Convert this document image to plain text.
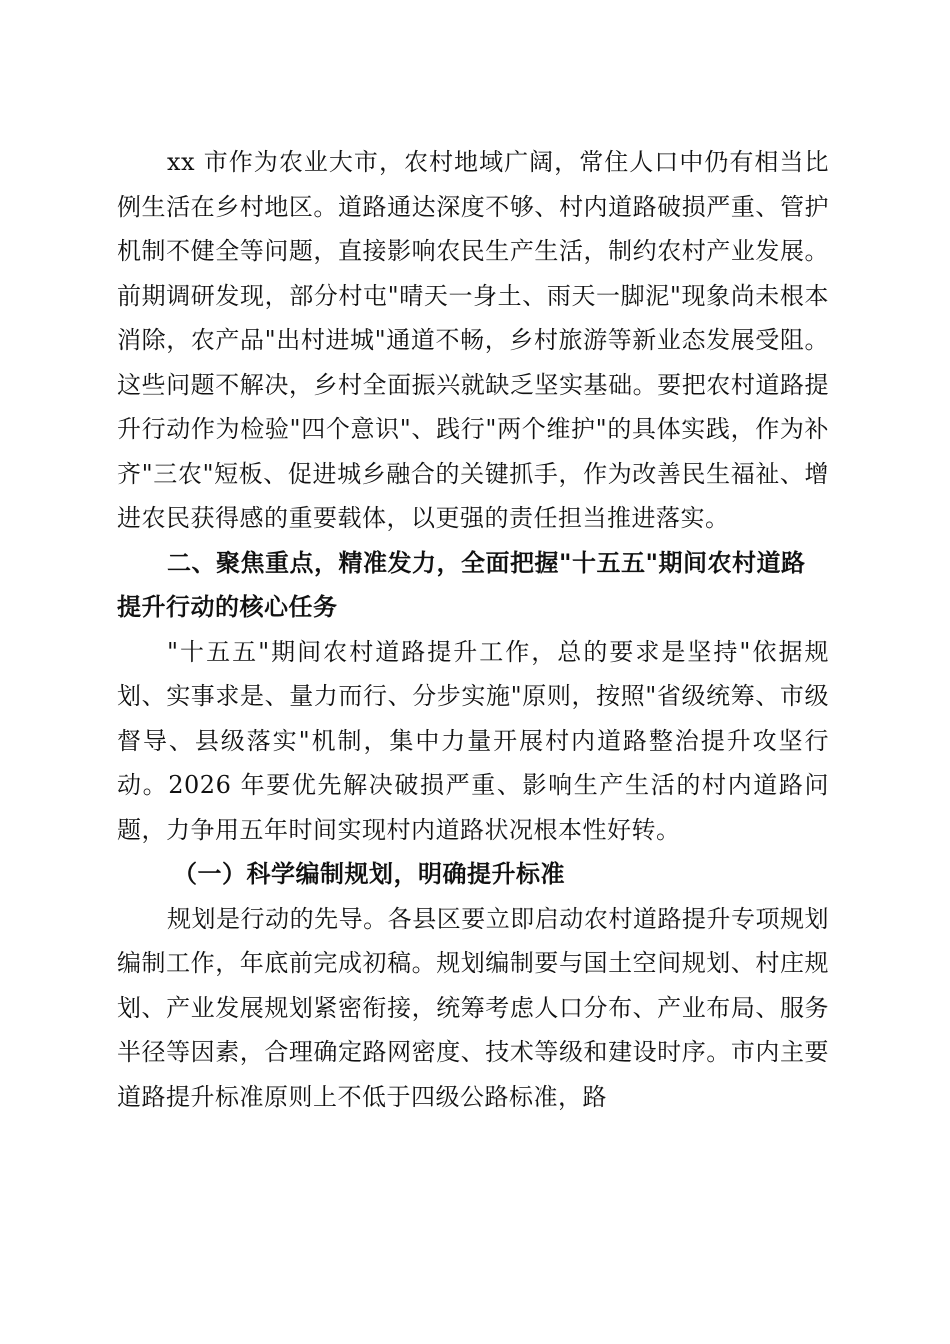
xx 市作为农业大市，农村地域广阔，常住人口中仍有相当比例生活在乡村地区。道路通达深度不够、村内道路破损严重、管护机制不健全等问题，直接影响农民生产生活，制约农村产业发展。前期调研发现，部分村屯"晴天一身土、雨天一脚泥"现象尚未根本消除，农产品"出村进城"通道不畅，乡村旅游等新业态发展受阻。这些问题不解决，乡村全面振兴就缺乏坚实基础。要把农村道路提升行动作为检验"四个意识"、践行"两个维护"的具体实践，作为补齐"三农"短板、促进城乡融合的关键抓手，作为改善民生福祉、增进农民获得感的重要载体，以更强的责任担当推进落实。

二、聚焦重点，精准发力，全面把握"十五五"期间农村道路提升行动的核心任务

"十五五"期间农村道路提升工作，总的要求是坚持"依据规划、实事求是、量力而行、分步实施"原则，按照"省级统筹、市级督导、县级落实"机制，集中力量开展村内道路整治提升攻坚行动。2026 年要优先解决破损严重、影响生产生活的村内道路问题，力争用五年时间实现村内道路状况根本性好转。

（一）科学编制规划，明确提升标准

规划是行动的先导。各县区要立即启动农村道路提升专项规划编制工作，年底前完成初稿。规划编制要与国土空间规划、村庄规划、产业发展规划紧密衔接，统筹考虑人口分布、产业布局、服务半径等因素，合理确定路网密度、技术等级和建设时序。市内主要道路提升标准原则上不低于四级公路标准，路
